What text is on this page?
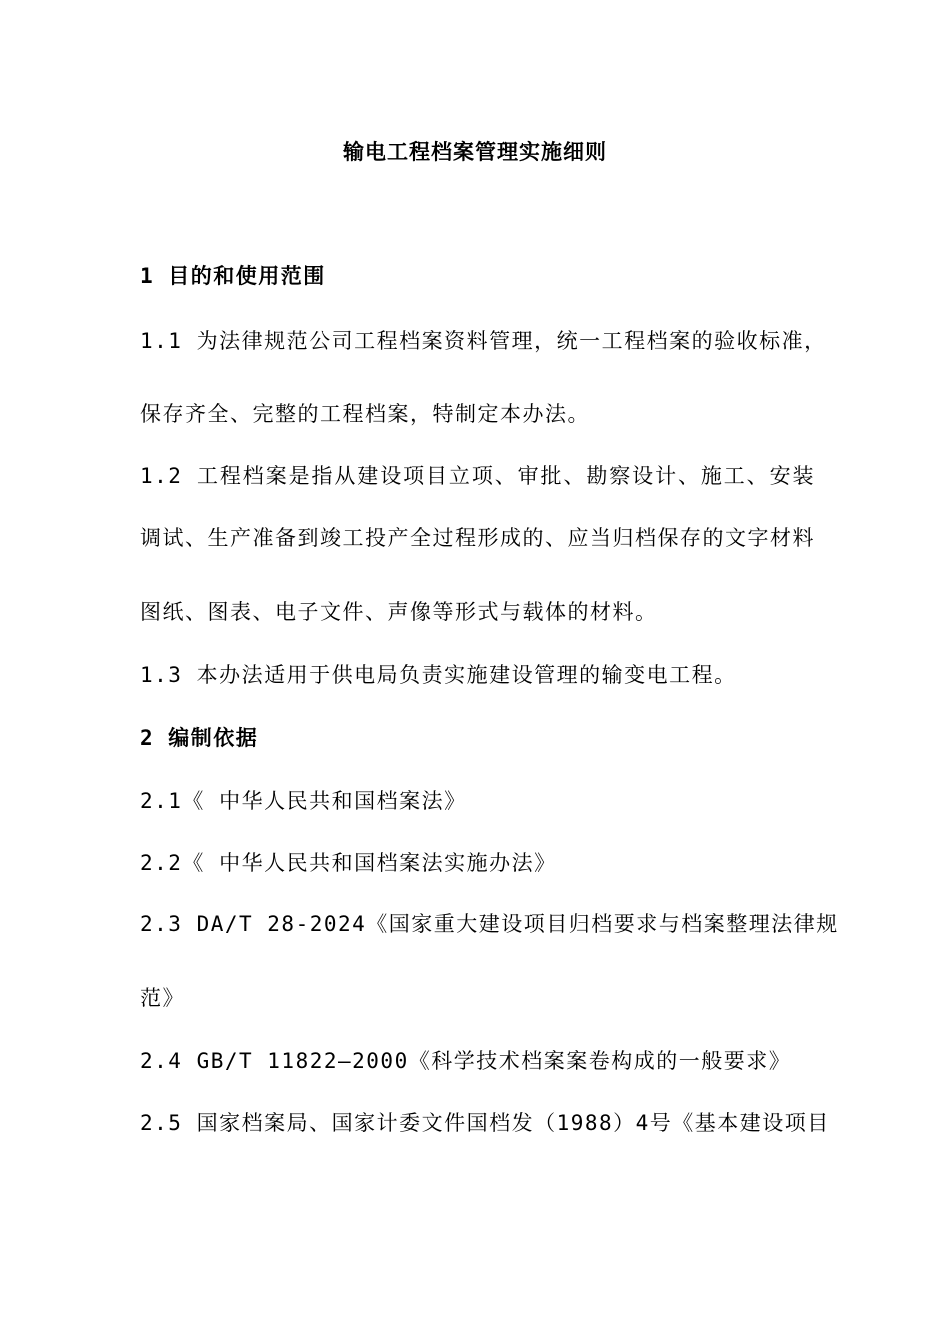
输电工程档案管理实施细则
1 目的和使用范围
1.1 为法律规范公司工程档案资料管理，统一工程档案的验收标准，
保存齐全、完整的工程档案，特制定本办法。
1.2 工程档案是指从建设项目立项、审批、勘察设计、施工、安装
调试、生产准备到竣工投产全过程形成的、应当归档保存的文字材料
图纸、图表、电子文件、声像等形式与载体的材料。
1.3 本办法适用于供电局负责实施建设管理的输变电工程。
2 编制依据
2.1《 中华人民共和国档案法》
2.2《 中华人民共和国档案法实施办法》
2.3 DA/T 28-2024《国家重大建设项目归档要求与档案整理法律规
范》
2.4 GB/T 11822—2000《科学技术档案案卷构成的一般要求》
2.5 国家档案局、国家计委文件国档发（1988）4号《基本建设项目
